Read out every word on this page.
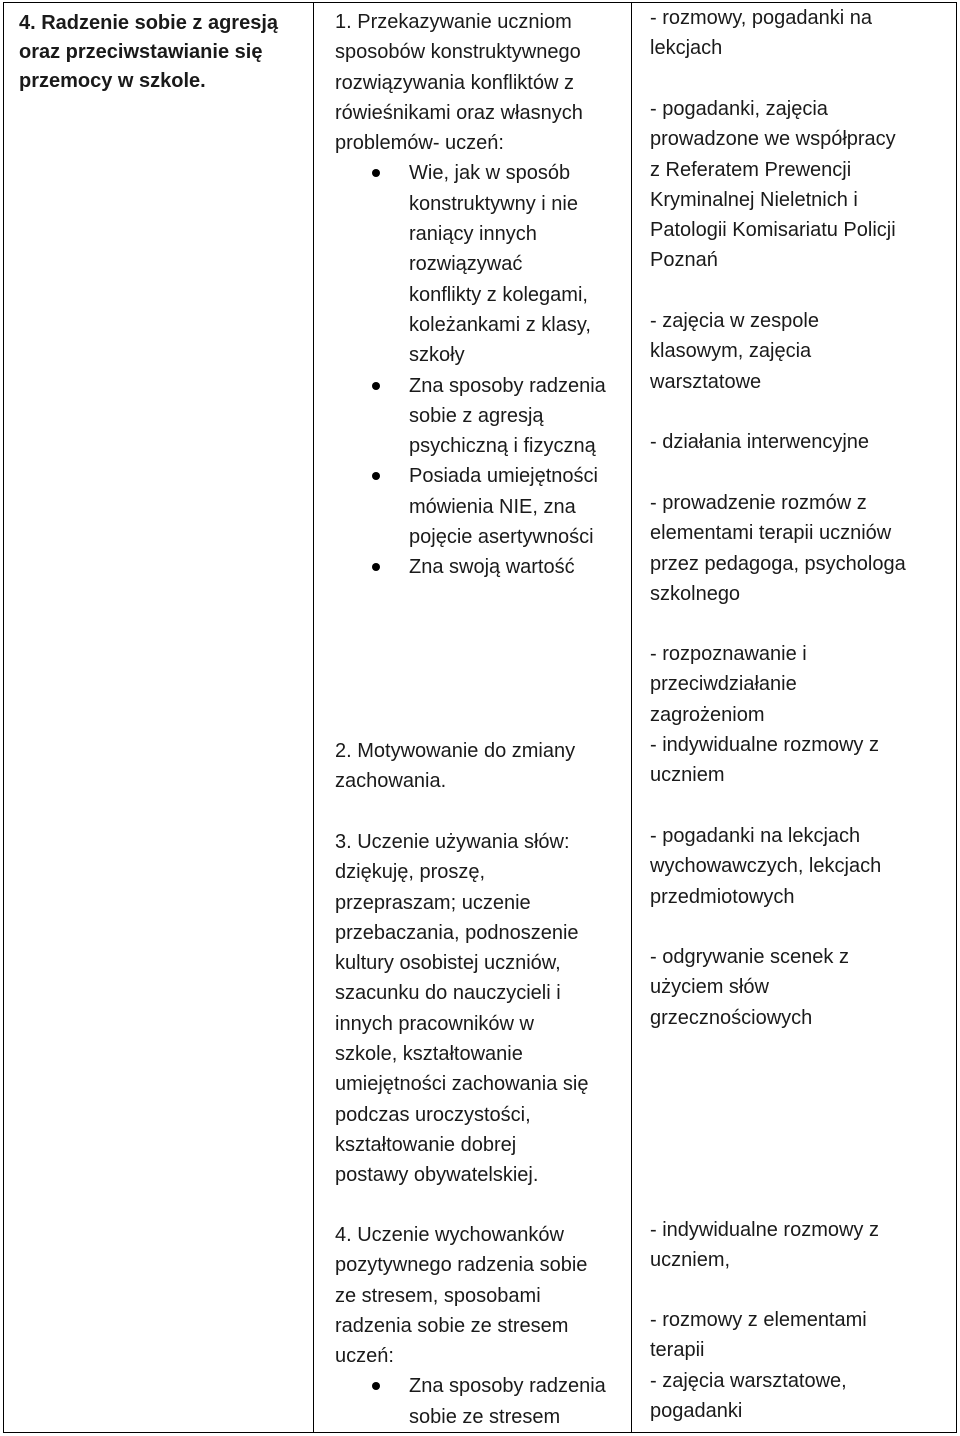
4. Radzenie sobie z agresją
oraz przeciwstawianie się
przemocy w szkole.

1. Przekazywanie uczniom
sposobów konstruktywnego
rozwiązywania konfliktów z
rówieśnikami oraz własnych
problemów- uczeń:

Wie, jak w sposób
konstruktywny i nie
raniący innych
rozwiązywać
konflikty z kolegami,
koleżankami z klasy,
szkoły
Zna sposoby radzenia
sobie z agresją
psychiczną i fizyczną
Posiada umiejętności
mówienia NIE, zna
pojęcie asertywności
Zna swoją wartość

2. Motywowanie do zmiany
zachowania.

3. Uczenie używania słów:
dziękuję, proszę,
przepraszam; uczenie
przebaczania, podnoszenie
kultury osobistej uczniów,
szacunku do nauczycieli i
innych pracowników w
szkole, kształtowanie
umiejętności zachowania się
podczas uroczystości,
kształtowanie dobrej
postawy obywatelskiej.

4. Uczenie wychowanków
pozytywnego radzenia sobie
ze stresem, sposobami
radzenia sobie ze stresem
uczeń:

Zna sposoby radzenia
sobie ze stresem

- rozmowy, pogadanki na
lekcjach

- pogadanki, zajęcia
prowadzone we współpracy
z Referatem Prewencji
Kryminalnej Nieletnich i
Patologii Komisariatu Policji
Poznań

- zajęcia w zespole
klasowym, zajęcia
warsztatowe

- działania interwencyjne

- prowadzenie rozmów z
elementami terapii uczniów
przez pedagoga, psychologa
szkolnego

- rozpoznawanie i
przeciwdziałanie
zagrożeniom
- indywidualne rozmowy z
uczniem

- pogadanki na lekcjach
wychowawczych, lekcjach
przedmiotowych

- odgrywanie scenek z
użyciem słów
grzecznościowych

- indywidualne rozmowy z
uczniem,

- rozmowy z elementami
terapii
- zajęcia warsztatowe,
pogadanki
